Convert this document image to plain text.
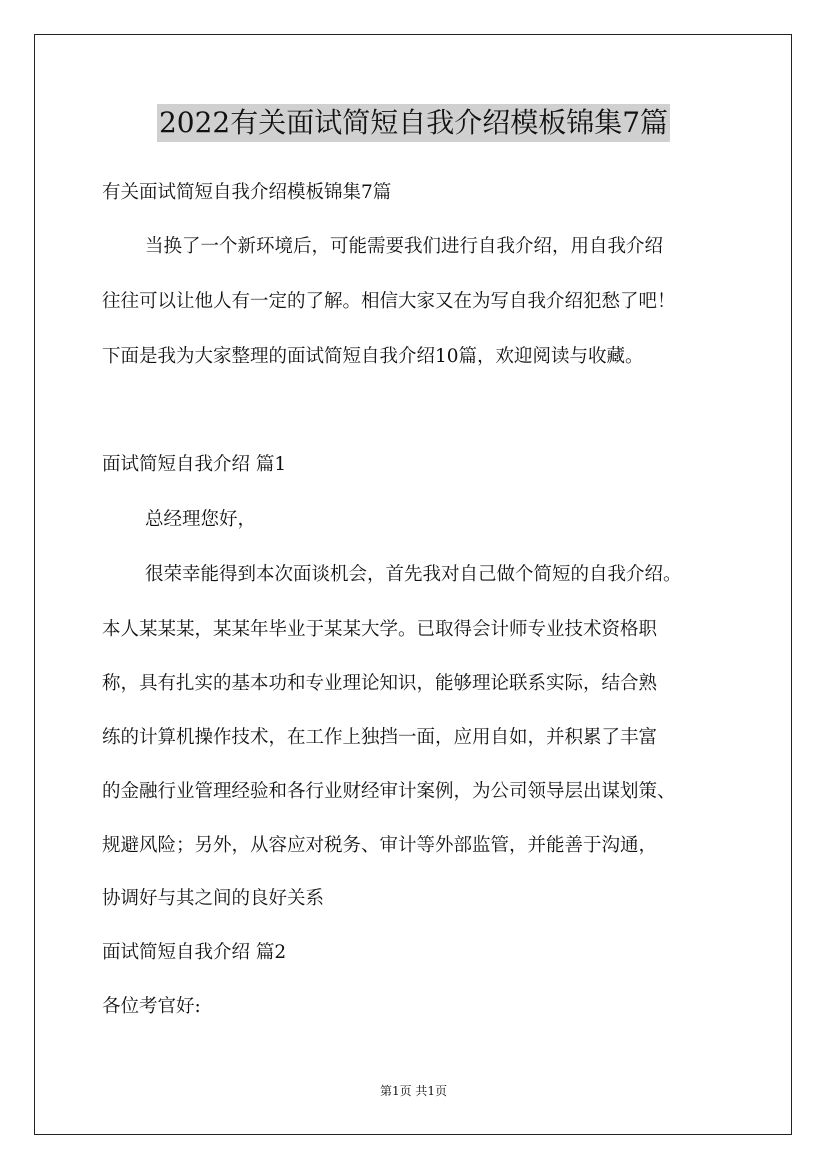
2022有关面试简短自我介绍模板锦集7篇
有关面试简短自我介绍模板锦集7篇
当换了一个新环境后，可能需要我们进行自我介绍，用自我介绍
往往可以让他人有一定的了解。相信大家又在为写自我介绍犯愁了吧！
下面是我为大家整理的面试简短自我介绍10篇，欢迎阅读与收藏。
面试简短自我介绍 篇1
总经理您好，
很荣幸能得到本次面谈机会，首先我对自己做个简短的自我介绍。
本人某某某，某某年毕业于某某大学。已取得会计师专业技术资格职
称，具有扎实的基本功和专业理论知识，能够理论联系实际，结合熟
练的计算机操作技术，在工作上独挡一面，应用自如，并积累了丰富
的金融行业管理经验和各行业财经审计案例，为公司领导层出谋划策、
规避风险；另外，从容应对税务、审计等外部监管，并能善于沟通，
协调好与其之间的良好关系
面试简短自我介绍 篇2
各位考官好:
第1页 共1页
